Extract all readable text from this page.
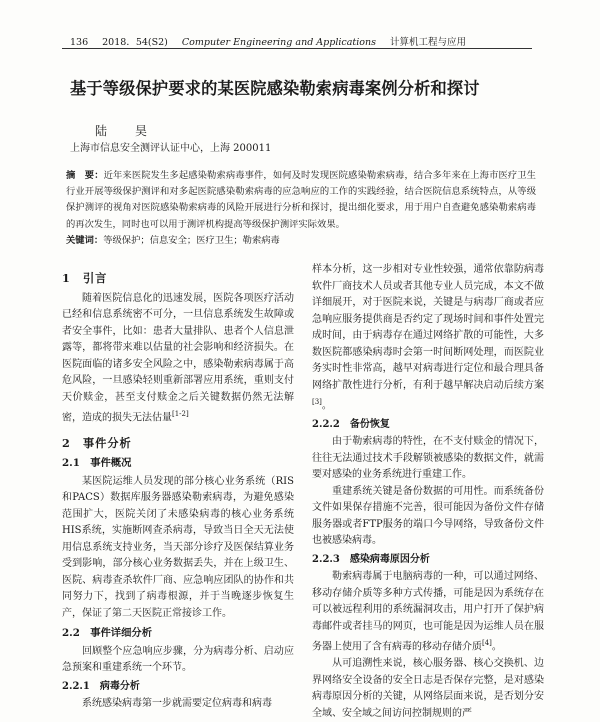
136 2018．54(S2) Computer Engineering and Applications 计算机工程与应用
基于等级保护要求的某医院感染勒索病毒案例分析和探讨
陆　昊
上海市信息安全测评认证中心，上海 200011
摘　要：近年来医院发生多起感染勒索病毒事件，如何及时发现医院感染勒索病毒，结合多年来在上海市医疗卫生行业开展等级保护测评和对多起医院感染勒索病毒的应急响应的工作的实践经验，结合医院信息系统特点，从等级保护测评的视角对医院感染勒索病毒的风险开展进行分析和探讨，提出细化要求，用于用户自查避免感染勒索病毒的再次发生，同时也可以用于测评机构提高等级保护测评实际效果。
关键词：等级保护；信息安全；医疗卫生；勒索病毒
1　引言

随着医院信息化的迅速发展，医院各项医疗活动已经和信息系统密不可分，一旦信息系统发生故障或者安全事件，比如：患者大量排队、患者个人信息泄露等，都将带来难以估量的社会影响和经济损失。在医院面临的诸多安全风险之中，感染勒索病毒属于高危风险，一旦感染轻则重新部署应用系统，重则支付天价赎金，甚至支付赎金之后关键数据仍然无法解密，造成的损失无法估量[1-2]

2　事件分析
2.1　事件概况

某医院运维人员发现的部分核心业务系统（RIS和PACS）数据库服务器感染勒索病毒，为避免感染范围扩大，医院关闭了未感染病毒的核心业务系统HIS系统，实施断网查杀病毒，导致当日全天无法使用信息系统支持业务，当天部分诊疗及医保结算业务受到影响，部分核心业务数据丢失，并在上级卫生、医院、病毒查杀软件厂商、应急响应团队的协作和共同努力下，找到了病毒根源，并于当晚逐步恢复生产，保证了第二天医院正常接诊工作。

2.2　事件详细分析

回顾整个应急响应步骤，分为病毒分析、启动应急预案和重建系统一个环节。

2.2.1　病毒分析

系统感染病毒第一步就需要定位病毒和病毒

样本分析，这一步相对专业性较强，通常依靠防病毒软件厂商技术人员或者其他专业人员完成，本文不做详细展开，对于医院来说，关键是与病毒厂商或者应急响应服务提供商是否约定了现场时间和事件处置完成时间，由于病毒存在通过网络扩散的可能性，大多数医院都感染病毒时会第一时间断网处理，而医院业务实时性非常高，越早对病毒进行定位和最合理具备网络扩散性进行分析，有利于越早解决启动后续方案[3]。

2.2.2　备份恢复

由于勒索病毒的特性，在不支付赎金的情况下，往往无法通过技术手段解锁被感染的数据文件，就需要对感染的业务系统进行重建工作。

重建系统关键是备份数据的可用性。而系统备份文件如果保存措施不完善，很可能因为备份文件存储服务器或者FTP服务的端口今导网络，导致备份文件也被感染病毒。

2.2.3　感染病毒原因分析

勒索病毒属于电脑病毒的一种，可以通过网络、移动存储介质等多种方式传播，可能是因为系统存在可以被远程利用的系统漏洞攻击，用户打开了保护病毒邮件或者挂马的网页，也可能是因为运维人员在服务器上使用了含有病毒的移动存储介质[4]。

从可追溯性来说，核心服务器、核心交换机、边界网络安全设备的安全日志是否保存完整，是对感染病毒原因分析的关键，从网络层面来说，是否划分安全域、安全域之间访问控制规则的严
